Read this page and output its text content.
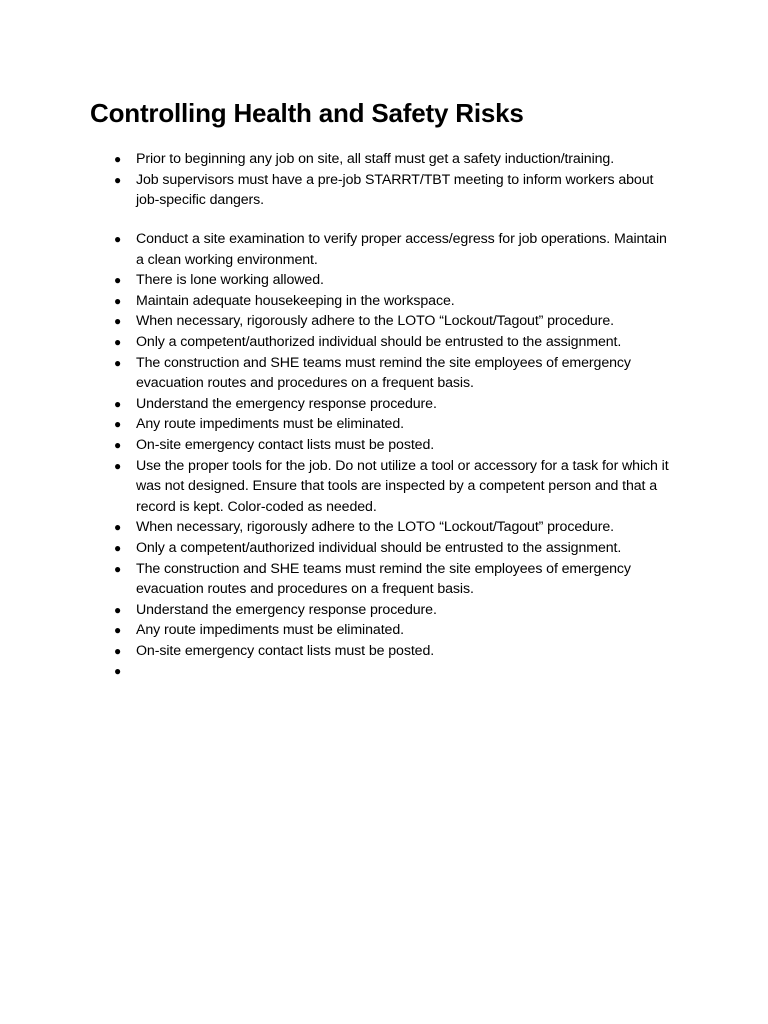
Controlling Health and Safety Risks
● Prior to beginning any job on site, all staff must get a safety induction/training.
● Job supervisors must have a pre-job STARRT/TBT meeting to inform workers about job-specific dangers.
● Conduct a site examination to verify proper access/egress for job operations. Maintain a clean working environment.
● There is lone working allowed.
● Maintain adequate housekeeping in the workspace.
● When necessary, rigorously adhere to the LOTO “Lockout/Tagout” procedure.
● Only a competent/authorized individual should be entrusted to the assignment.
● The construction and SHE teams must remind the site employees of emergency evacuation routes and procedures on a frequent basis.
● Understand the emergency response procedure.
● Any route impediments must be eliminated.
● On-site emergency contact lists must be posted.
● Use the proper tools for the job. Do not utilize a tool or accessory for a task for which it was not designed. Ensure that tools are inspected by a competent person and that a record is kept. Color-coded as needed.
● When necessary, rigorously adhere to the LOTO “Lockout/Tagout” procedure.
● Only a competent/authorized individual should be entrusted to the assignment.
● The construction and SHE teams must remind the site employees of emergency evacuation routes and procedures on a frequent basis.
● Understand the emergency response procedure.
● Any route impediments must be eliminated.
● On-site emergency contact lists must be posted.
●
